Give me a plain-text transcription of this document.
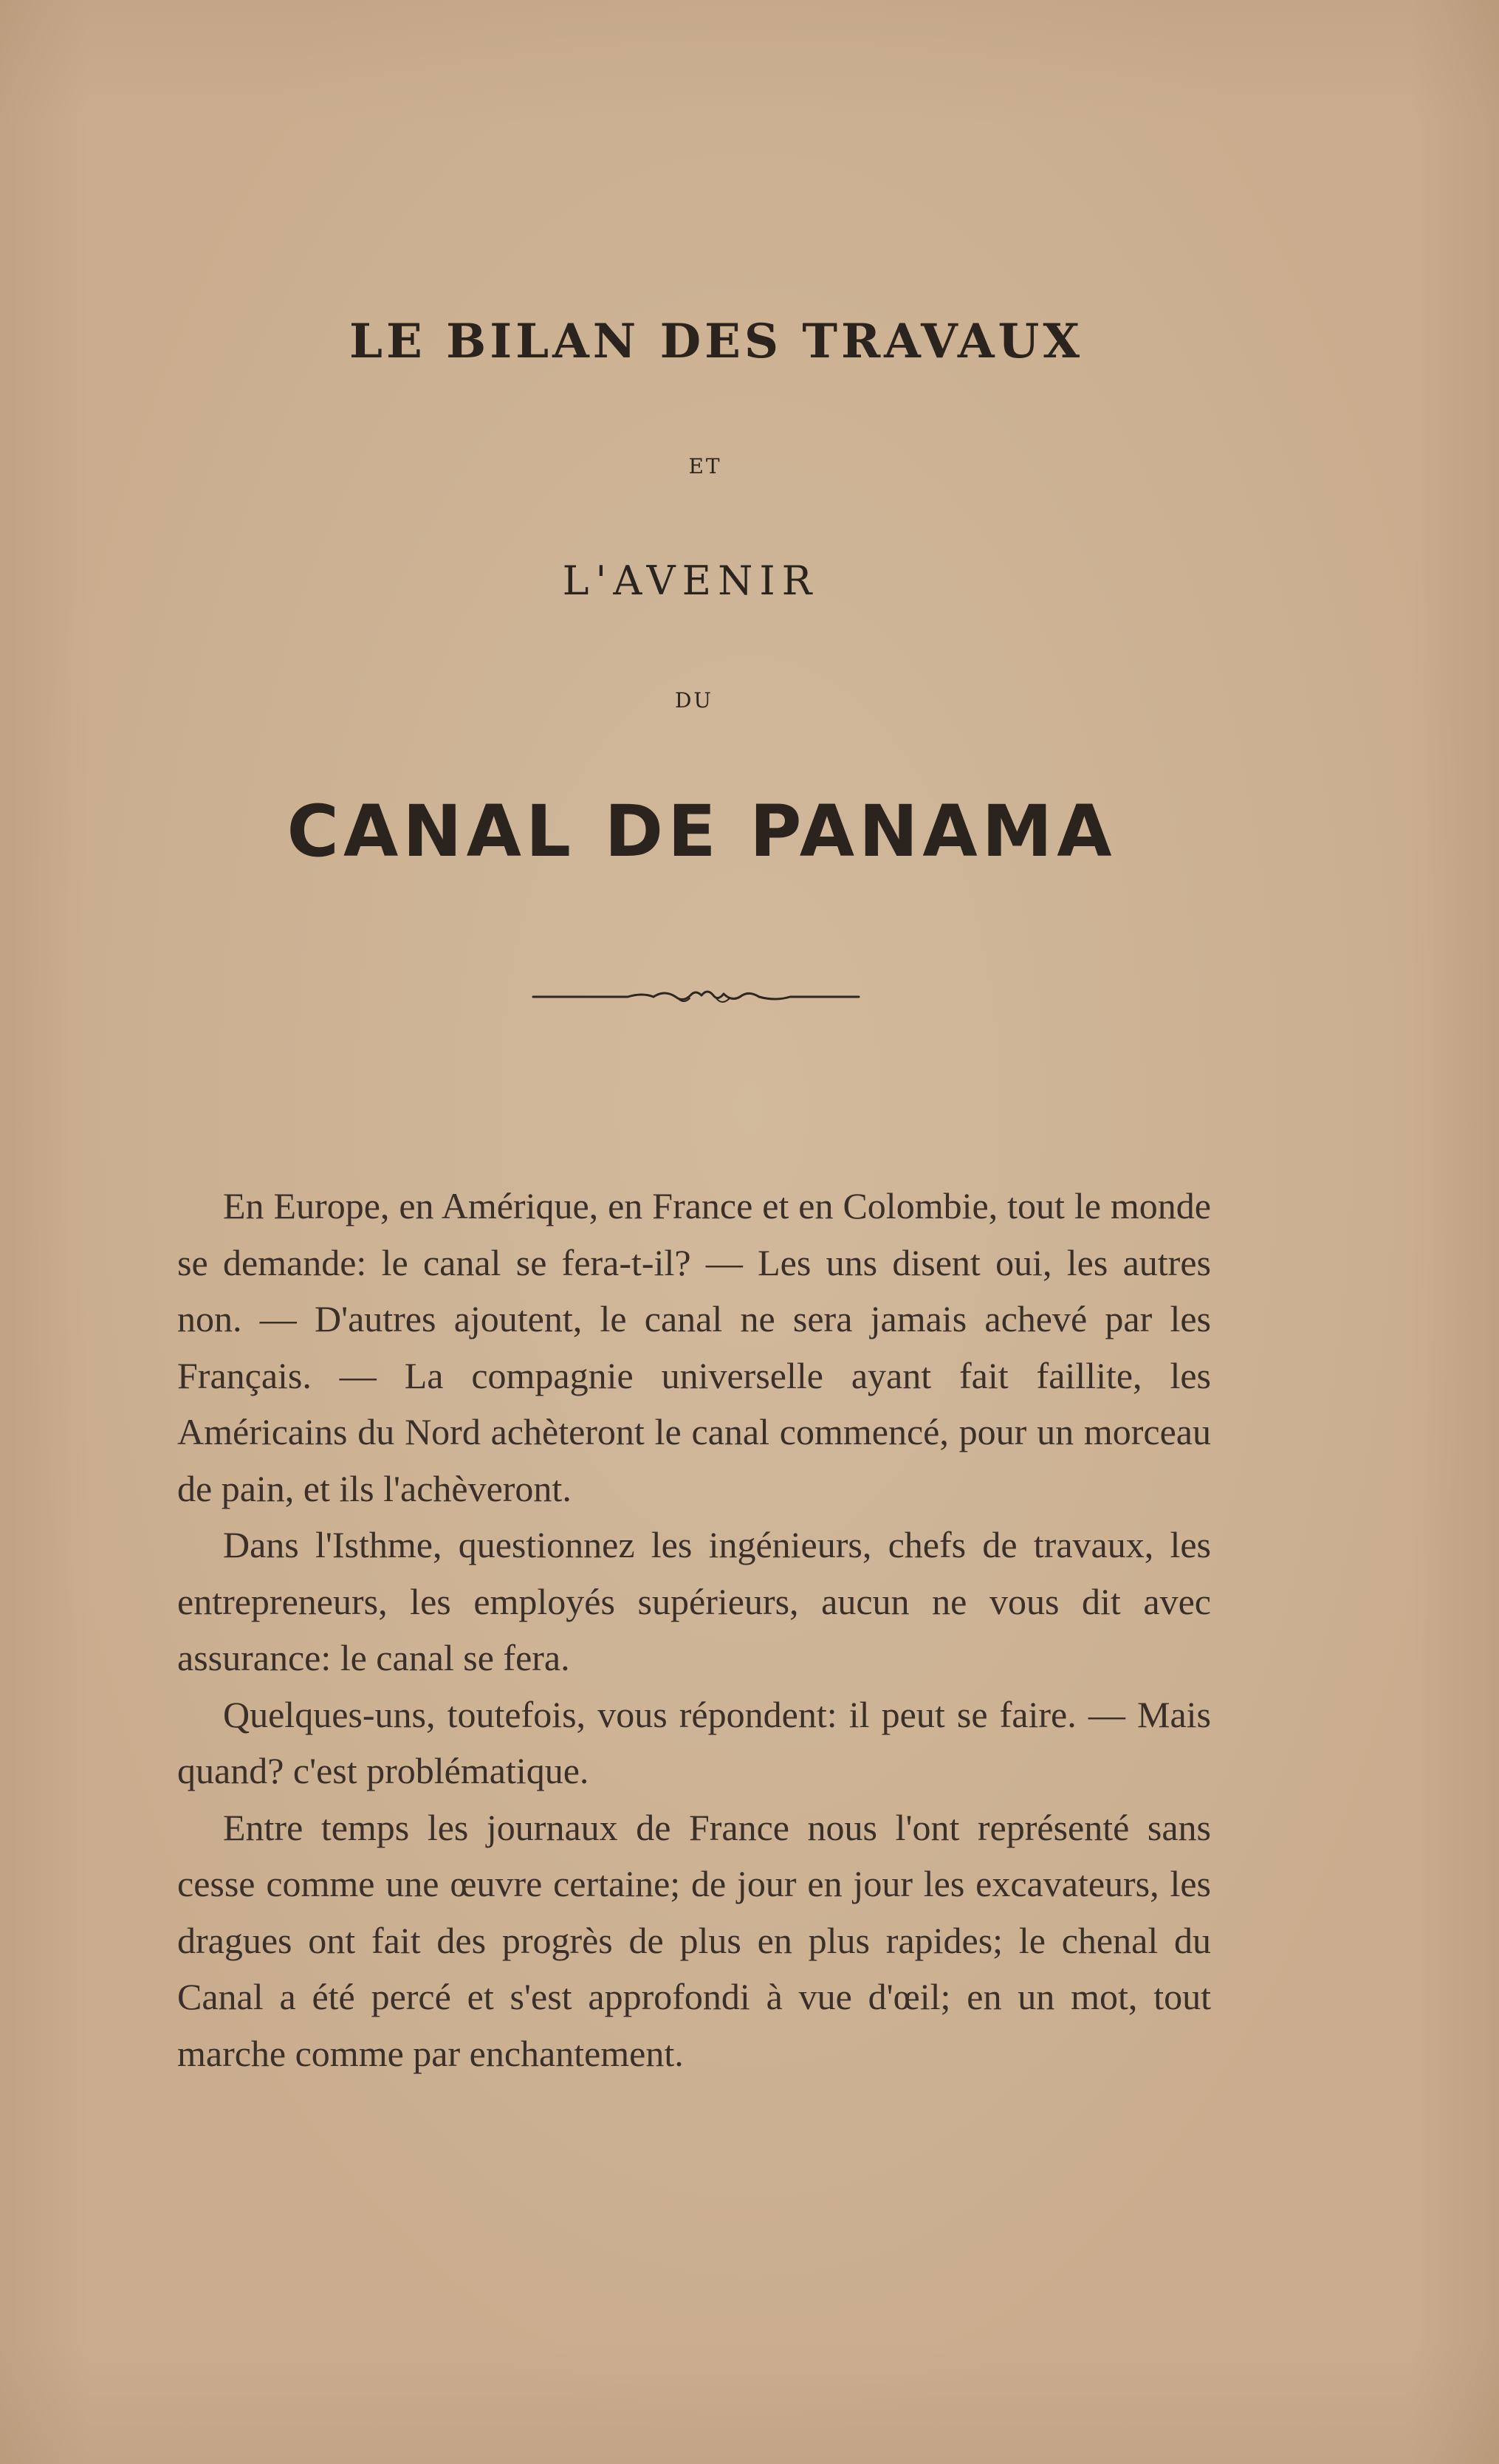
LE BILAN DES TRAVAUX
ET
L'AVENIR
DU
CANAL DE PANAMA

En Europe, en Amérique, en France et en Colombie, tout le monde se demande: le canal se fera-t-il? — Les uns disent oui, les autres non. — D'autres ajoutent, le canal ne sera jamais achevé par les Français. — La compagnie universelle ayant fait faillite, les Américains du Nord achèteront le canal commencé, pour un morceau de pain, et ils l'achèveront.

Dans l'Isthme, questionnez les ingénieurs, chefs de travaux, les entrepreneurs, les employés supérieurs, aucun ne vous dit avec assurance: le canal se fera.

Quelques-uns, toutefois, vous répondent: il peut se faire. — Mais quand? c'est problématique.

Entre temps les journaux de France nous l'ont représenté sans cesse comme une œuvre certaine; de jour en jour les excavateurs, les dragues ont fait des progrès de plus en plus rapides; le chenal du Canal a été percé et s'est approfondi à vue d'œil; en un mot, tout marche comme par enchantement.
